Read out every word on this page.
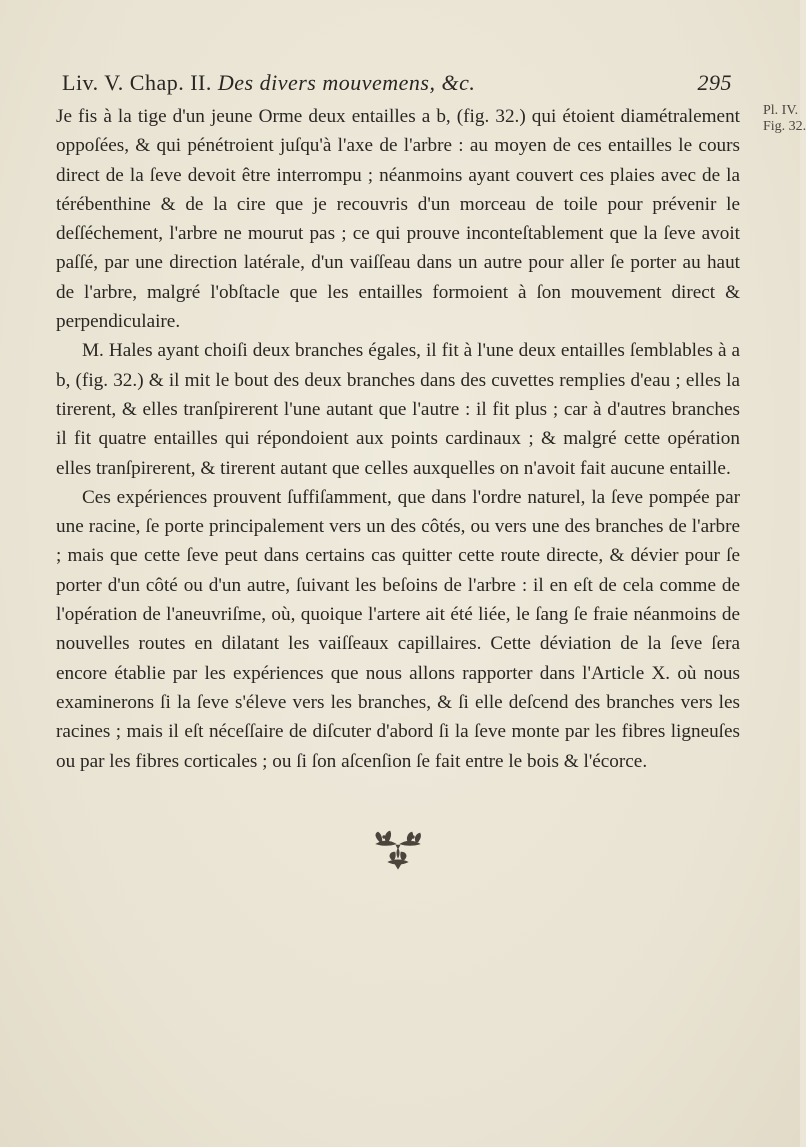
Liv. V. Chap. II. Des divers mouvemens, &c.	295
Pl. IV.
Fig. 32.

Je fis à la tige d'un jeune Orme deux entailles a b, (fig. 32.) qui étoient diamétralement oppoſées, & qui pénétroient juſqu'à l'axe de l'arbre : au moyen de ces entailles le cours direct de la ſeve devoit être interrompu ; néanmoins ayant couvert ces plaies avec de la térébenthine & de la cire que je recouvris d'un morceau de toile pour prévenir le deſſéchement, l'arbre ne mourut pas ; ce qui prouve inconteſtablement que la ſeve avoit paſſé, par une direction latérale, d'un vaiſſeau dans un autre pour aller ſe porter au haut de l'arbre, malgré l'obſtacle que les entailles formoient à ſon mouvement direct & perpendiculaire.

M. Hales ayant choiſi deux branches égales, il fit à l'une deux entailles ſemblables à a b, (fig. 32.) & il mit le bout des deux branches dans des cuvettes remplies d'eau ; elles la tirerent, & elles tranſpirerent l'une autant que l'autre : il fit plus ; car à d'autres branches il fit quatre entailles qui répondoient aux points cardinaux ; & malgré cette opération elles tranſpirerent, & tirerent autant que celles auxquelles on n'avoit fait aucune entaille.

Ces expériences prouvent ſuffiſamment, que dans l'ordre naturel, la ſeve pompée par une racine, ſe porte principalement vers un des côtés, ou vers une des branches de l'arbre ; mais que cette ſeve peut dans certains cas quitter cette route directe, & dévier pour ſe porter d'un côté ou d'un autre, ſuivant les beſoins de l'arbre : il en eſt de cela comme de l'opération de l'aneuvriſme, où, quoique l'artere ait été liée, le ſang ſe fraie néanmoins de nouvelles routes en dilatant les vaiſſeaux capillaires. Cette déviation de la ſeve ſera encore établie par les expériences que nous allons rapporter dans l'Article X. où nous examinerons ſi la ſeve s'éleve vers les branches, & ſi elle deſcend des branches vers les racines ; mais il eſt néceſſaire de diſcuter d'abord ſi la ſeve monte par les fibres ligneuſes ou par les fibres corticales ; ou ſi ſon aſcenſion ſe fait entre le bois & l'écorce.
